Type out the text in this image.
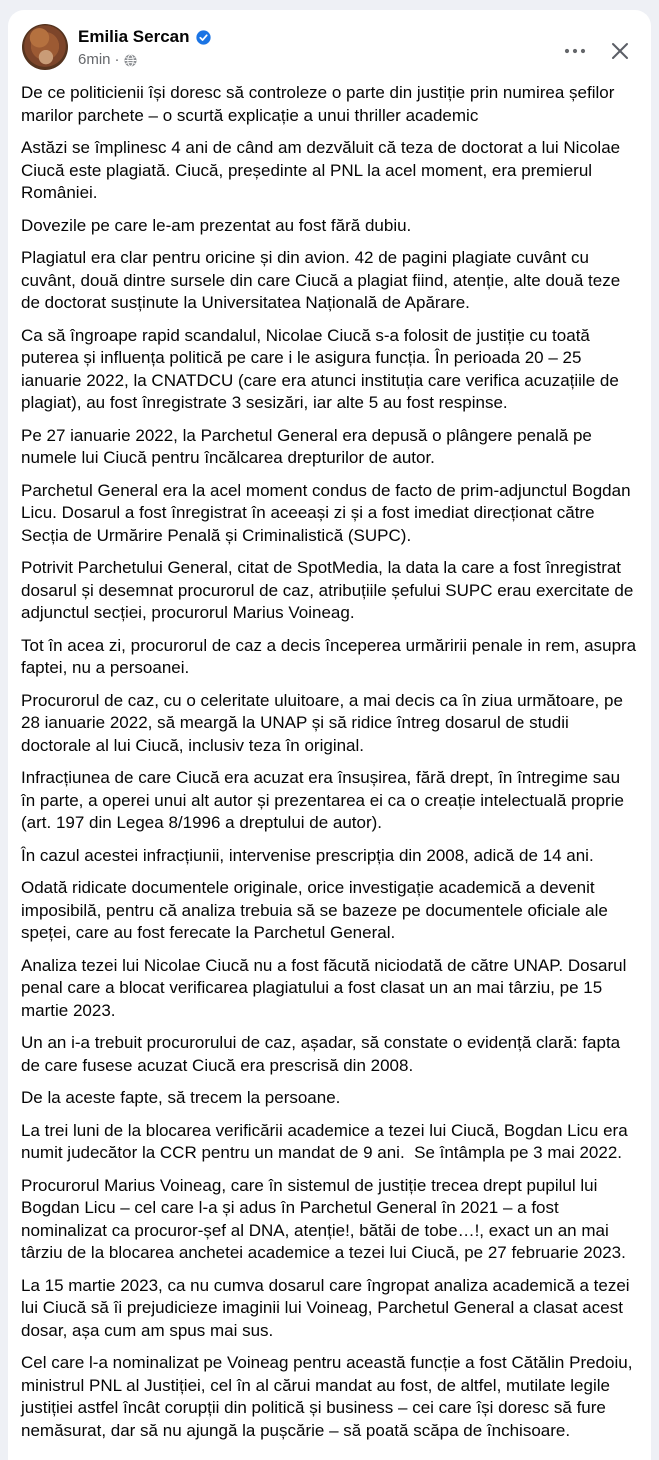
Emilia Sercan
6min ·

De ce politicienii își doresc să controleze o parte din justiție prin numirea șefilor marilor parchete – o scurtă explicație a unui thriller academic

Astăzi se împlinesc 4 ani de când am dezvăluit că teza de doctorat a lui Nicolae Ciucă este plagiată. Ciucă, președinte al PNL la acel moment, era premierul României.

Dovezile pe care le-am prezentat au fost fără dubiu.

Plagiatul era clar pentru oricine și din avion. 42 de pagini plagiate cuvânt cu cuvânt, două dintre sursele din care Ciucă a plagiat fiind, atenție, alte două teze de doctorat susținute la Universitatea Națională de Apărare.

Ca să îngroape rapid scandalul, Nicolae Ciucă s-a folosit de justiție cu toată puterea și influența politică pe care i le asigura funcția. În perioada 20 – 25 ianuarie 2022, la CNATDCU (care era atunci instituția care verifica acuzațiile de plagiat), au fost înregistrate 3 sesizări, iar alte 5 au fost respinse.

Pe 27 ianuarie 2022, la Parchetul General era depusă o plângere penală pe numele lui Ciucă pentru încălcarea drepturilor de autor.

Parchetul General era la acel moment condus de facto de prim-adjunctul Bogdan Licu. Dosarul a fost înregistrat în aceeași zi și a fost imediat direcționat către Secția de Urmărire Penală și Criminalistică (SUPC).

Potrivit Parchetului General, citat de SpotMedia, la data la care a fost înregistrat dosarul și desemnat procurorul de caz, atribuțiile șefului SUPC erau exercitate de adjunctul secției, procurorul Marius Voineag.

Tot în acea zi, procurorul de caz a decis începerea urmăririi penale in rem, asupra faptei, nu a persoanei.

Procurorul de caz, cu o celeritate uluitoare, a mai decis ca în ziua următoare, pe 28 ianuarie 2022, să meargă la UNAP și să ridice întreg dosarul de studii doctorale al lui Ciucă, inclusiv teza în original.

Infracțiunea de care Ciucă era acuzat era însușirea, fără drept, în întregime sau în parte, a operei unui alt autor și prezentarea ei ca o creație intelectuală proprie (art. 197 din Legea 8/1996 a dreptului de autor).

În cazul acestei infracțiunii, intervenise prescripția din 2008, adică de 14 ani.

Odată ridicate documentele originale, orice investigație academică a devenit imposibilă, pentru că analiza trebuia să se bazeze pe documentele oficiale ale speței, care au fost ferecate la Parchetul General.

Analiza tezei lui Nicolae Ciucă nu a fost făcută niciodată de către UNAP. Dosarul penal care a blocat verificarea plagiatului a fost clasat un an mai târziu, pe 15 martie 2023.

Un an i-a trebuit procurorului de caz, așadar, să constate o evidență clară: fapta de care fusese acuzat Ciucă era prescrisă din 2008.

De la aceste fapte, să trecem la persoane.

La trei luni de la blocarea verificării academice a tezei lui Ciucă, Bogdan Licu era numit judecător la CCR pentru un mandat de 9 ani.  Se întâmpla pe 3 mai 2022.

Procurorul Marius Voineag, care în sistemul de justiție trecea drept pupilul lui Bogdan Licu – cel care l-a și adus în Parchetul General în 2021 – a fost nominalizat ca procuror-șef al DNA, atenție!, bătăi de tobe…!, exact un an mai târziu de la blocarea anchetei academice a tezei lui Ciucă, pe 27 februarie 2023.

La 15 martie 2023, ca nu cumva dosarul care îngropat analiza academică a tezei lui Ciucă să îi prejudicieze imaginii lui Voineag, Parchetul General a clasat acest dosar, așa cum am spus mai sus.

Cel care l-a nominalizat pe Voineag pentru această funcție a fost Cătălin Predoiu, ministrul PNL al Justiției, cel în al cărui mandat au fost, de altfel, mutilate legile justiției astfel încât corupții din politică și business – cei care își doresc să fure nemăsurat, dar să nu ajungă la pușcărie – să poată scăpa de închisoare.
